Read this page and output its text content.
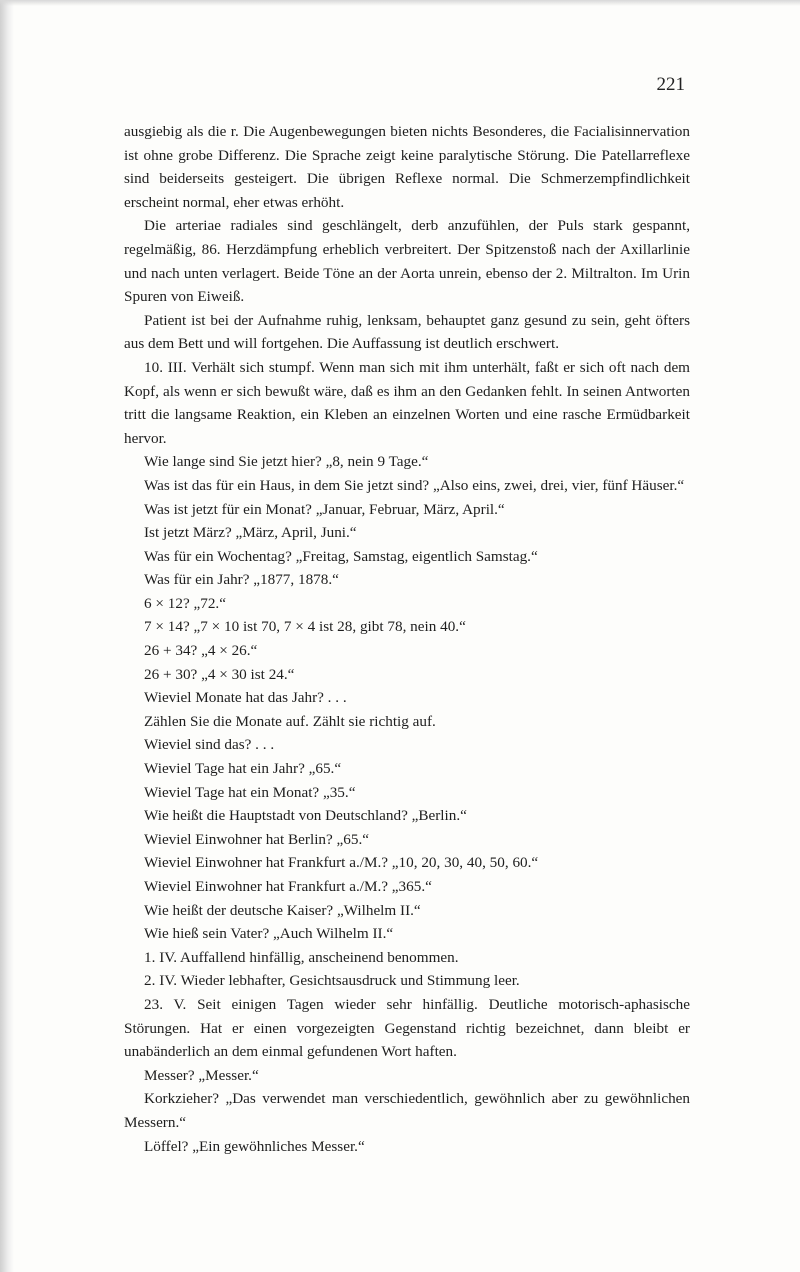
221

ausgiebig als die r. Die Augenbewegungen bieten nichts Besonderes, die Facialisinnervation ist ohne grobe Differenz. Die Sprache zeigt keine paralytische Störung. Die Patellarreflexe sind beiderseits gesteigert. Die übrigen Reflexe normal. Die Schmerzempfindlichkeit erscheint normal, eher etwas erhöht.

Die arteriae radiales sind geschlängelt, derb anzufühlen, der Puls stark gespannt, regelmäßig, 86. Herzdämpfung erheblich verbreitert. Der Spitzenstoß nach der Axillarlinie und nach unten verlagert. Beide Töne an der Aorta unrein, ebenso der 2. Miltralton. Im Urin Spuren von Eiweiß.

Patient ist bei der Aufnahme ruhig, lenksam, behauptet ganz gesund zu sein, geht öfters aus dem Bett und will fortgehen. Die Auffassung ist deutlich erschwert.

10. III. Verhält sich stumpf. Wenn man sich mit ihm unterhält, faßt er sich oft nach dem Kopf, als wenn er sich bewußt wäre, daß es ihm an den Gedanken fehlt. In seinen Antworten tritt die langsame Reaktion, ein Kleben an einzelnen Worten und eine rasche Ermüdbarkeit hervor.

Wie lange sind Sie jetzt hier? „8, nein 9 Tage.“

Was ist das für ein Haus, in dem Sie jetzt sind? „Also eins, zwei, drei, vier, fünf Häuser.“

Was ist jetzt für ein Monat? „Januar, Februar, März, April.“

Ist jetzt März? „März, April, Juni.“

Was für ein Wochentag? „Freitag, Samstag, eigentlich Samstag.“

Was für ein Jahr? „1877, 1878.“

6 × 12? „72.“

7 × 14? „7 × 10 ist 70, 7 × 4 ist 28, gibt 78, nein 40.“

26 + 34? „4 × 26.“

26 + 30? „4 × 30 ist 24.“

Wieviel Monate hat das Jahr? . . .

Zählen Sie die Monate auf. Zählt sie richtig auf.

Wieviel sind das? . . .

Wieviel Tage hat ein Jahr? „65.“

Wieviel Tage hat ein Monat? „35.“

Wie heißt die Hauptstadt von Deutschland? „Berlin.“

Wieviel Einwohner hat Berlin? „65.“

Wieviel Einwohner hat Frankfurt a./M.? „10, 20, 30, 40, 50, 60.“

Wieviel Einwohner hat Frankfurt a./M.? „365.“

Wie heißt der deutsche Kaiser? „Wilhelm II.“

Wie hieß sein Vater? „Auch Wilhelm II.“

1. IV. Auffallend hinfällig, anscheinend benommen.

2. IV. Wieder lebhafter, Gesichtsausdruck und Stimmung leer.

23. V. Seit einigen Tagen wieder sehr hinfällig. Deutliche motorisch-aphasische Störungen. Hat er einen vorgezeigten Gegenstand richtig bezeichnet, dann bleibt er unabänderlich an dem einmal gefundenen Wort haften.

Messer? „Messer.“

Korkzieher? „Das verwendet man verschiedentlich, gewöhnlich aber zu gewöhnlichen Messern.“

Löffel? „Ein gewöhnliches Messer.“
